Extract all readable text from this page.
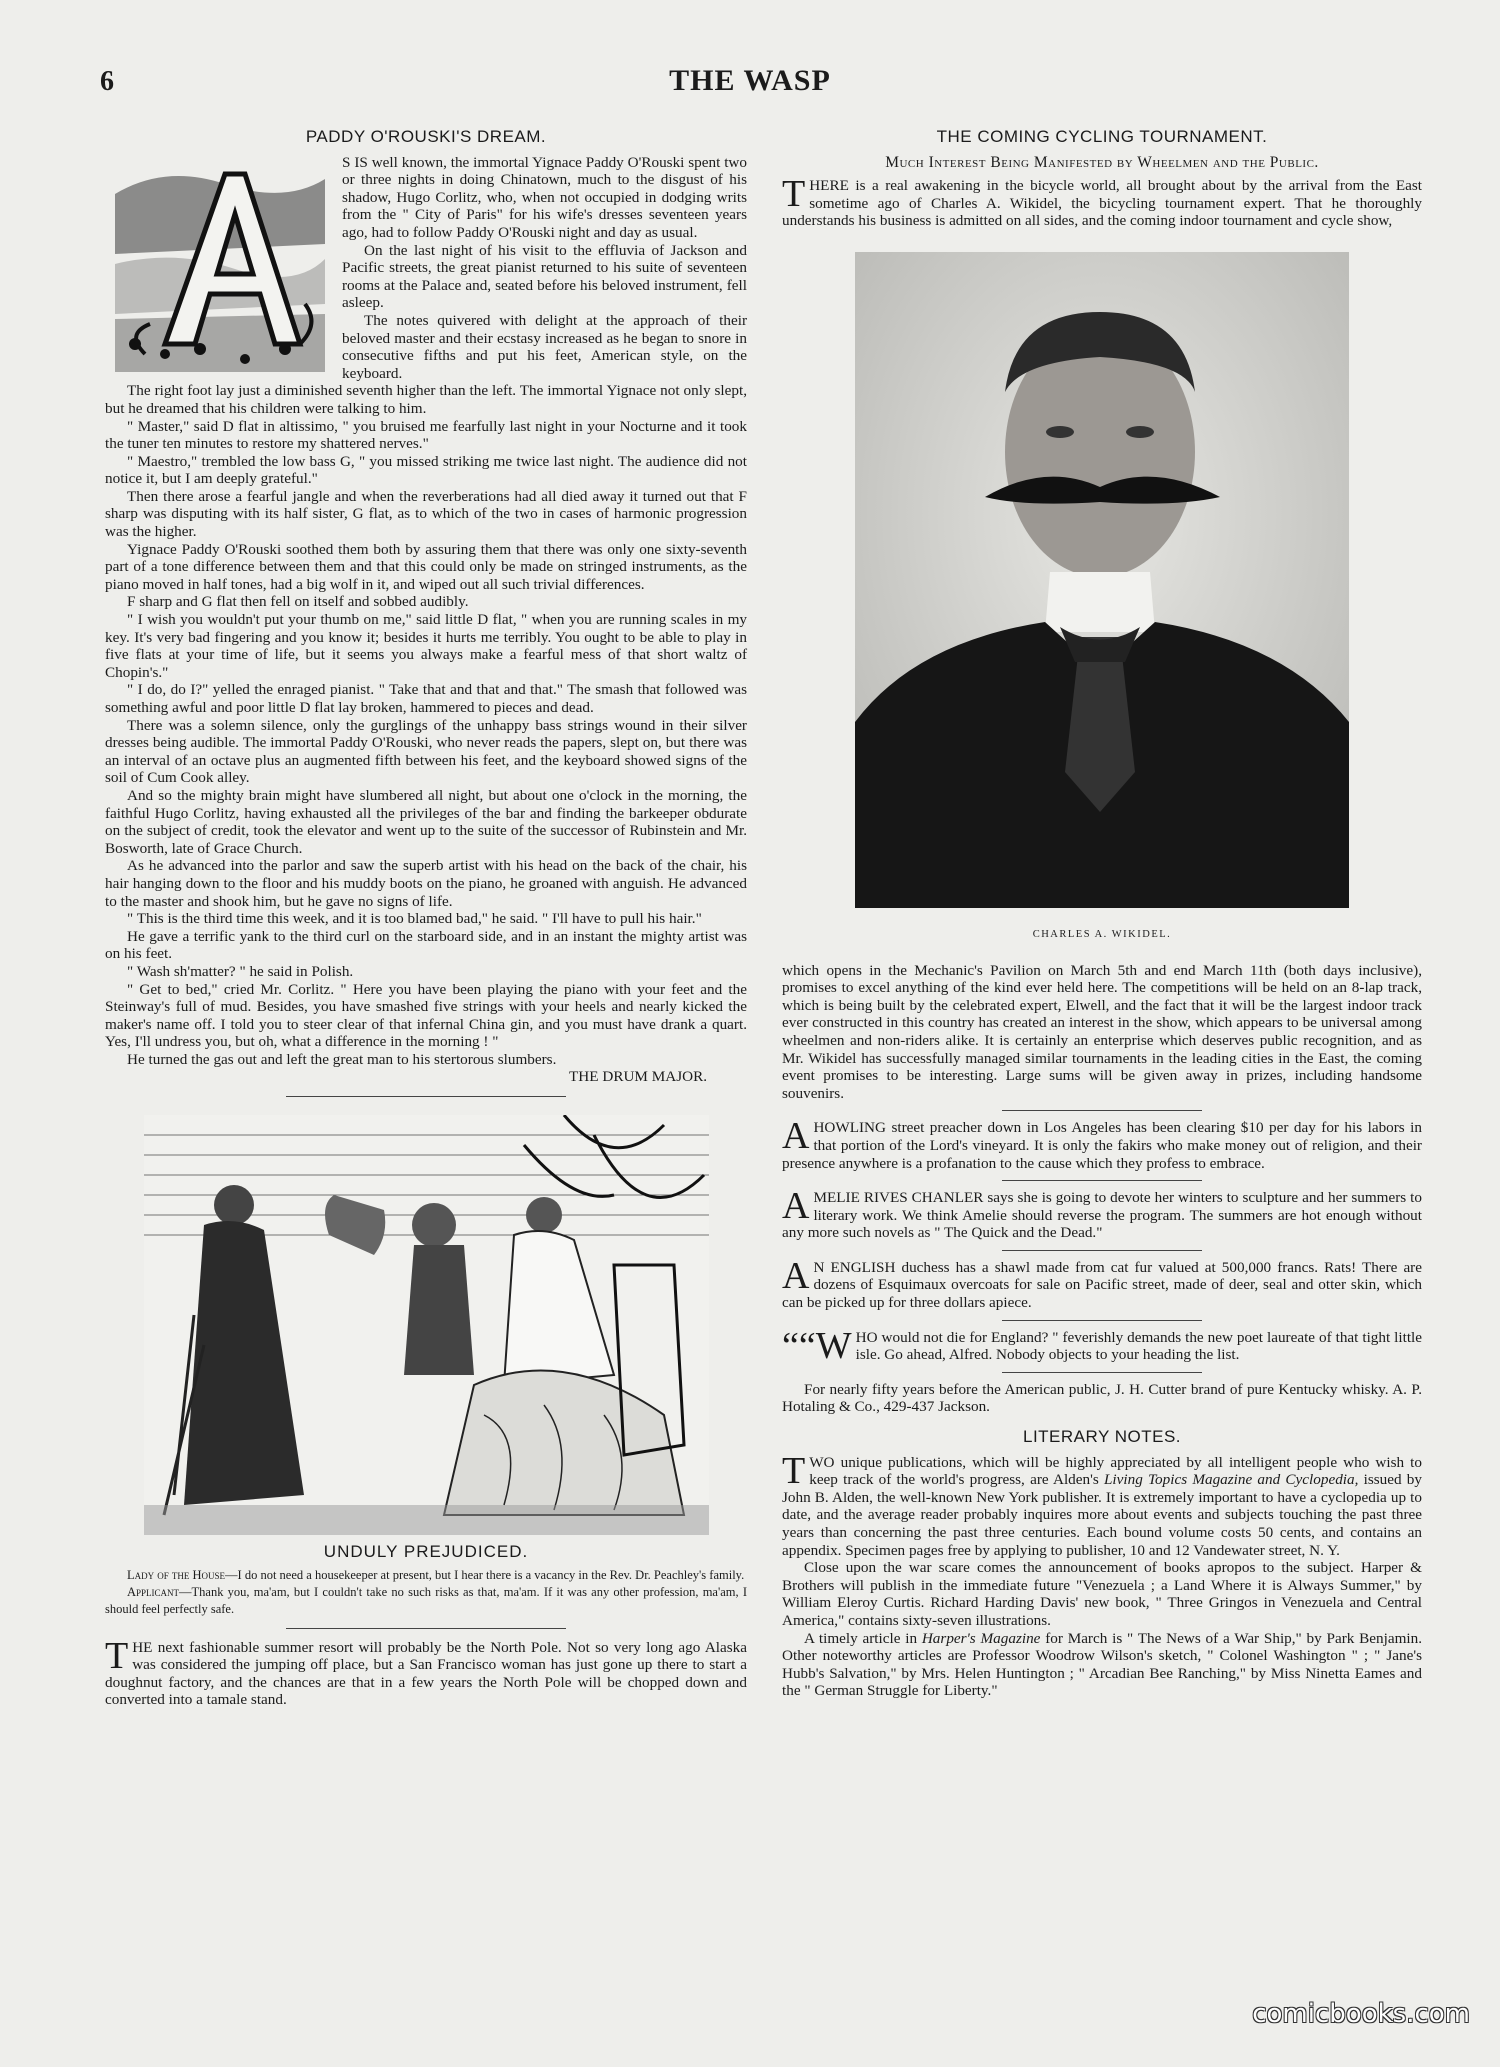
6	THE WASP
PADDY O'ROUSKI'S DREAM.

S IS well known, the immortal Yignace Paddy O'Rouski spent two or three nights in doing Chinatown, much to the disgust of his shadow, Hugo Corlitz, who, when not occupied in dodging writs from the " City of Paris" for his wife's dresses seventeen years ago, had to follow Paddy O'Rouski night and day as usual.

On the last night of his visit to the effluvia of Jackson and Pacific streets, the great pianist returned to his suite of seventeen rooms at the Palace and, seated before his beloved instrument, fell asleep.

The notes quivered with delight at the approach of their beloved master and their ecstasy increased as he began to snore in consecutive fifths and put his feet, American style, on the keyboard.

The right foot lay just a diminished seventh higher than the left. The immortal Yignace not only slept, but he dreamed that his children were talking to him.

" Master," said D flat in altissimo, " you bruised me fearfully last night in your Nocturne and it took the tuner ten minutes to restore my shattered nerves."

" Maestro," trembled the low bass G, " you missed striking me twice last night. The audience did not notice it, but I am deeply grateful."

Then there arose a fearful jangle and when the reverberations had all died away it turned out that F sharp was disputing with its half sister, G flat, as to which of the two in cases of harmonic progression was the higher.

Yignace Paddy O'Rouski soothed them both by assuring them that there was only one sixty-seventh part of a tone difference between them and that this could only be made on stringed instruments, as the piano moved in half tones, had a big wolf in it, and wiped out all such trivial differences.

F sharp and G flat then fell on itself and sobbed audibly.

" I wish you wouldn't put your thumb on me," said little D flat, " when you are running scales in my key. It's very bad fingering and you know it; besides it hurts me terribly. You ought to be able to play in five flats at your time of life, but it seems you always make a fearful mess of that short waltz of Chopin's."

" I do, do I?" yelled the enraged pianist. " Take that and that and that." The smash that followed was something awful and poor little D flat lay broken, hammered to pieces and dead.

There was a solemn silence, only the gurglings of the unhappy bass strings wound in their silver dresses being audible. The immortal Paddy O'Rouski, who never reads the papers, slept on, but there was an interval of an octave plus an augmented fifth between his feet, and the keyboard showed signs of the soil of Cum Cook alley.

And so the mighty brain might have slumbered all night, but about one o'clock in the morning, the faithful Hugo Corlitz, having exhausted all the privileges of the bar and finding the barkeeper obdurate on the subject of credit, took the elevator and went up to the suite of the successor of Rubinstein and Mr. Bosworth, late of Grace Church.

As he advanced into the parlor and saw the superb artist with his head on the back of the chair, his hair hanging down to the floor and his muddy boots on the piano, he groaned with anguish. He advanced to the master and shook him, but he gave no signs of life.

" This is the third time this week, and it is too blamed bad," he said. " I'll have to pull his hair."

He gave a terrific yank to the third curl on the starboard side, and in an instant the mighty artist was on his feet.

" Wash sh'matter? " he said in Polish.

" Get to bed," cried Mr. Corlitz. " Here you have been playing the piano with your feet and the Steinway's full of mud. Besides, you have smashed five strings with your heels and nearly kicked the maker's name off. I told you to steer clear of that infernal China gin, and you must have drank a quart. Yes, I'll undress you, but oh, what a difference in the morning ! "

He turned the gas out and left the great man to his stertorous slumbers.

THE DRUM MAJOR.

UNDULY PREJUDICED.

Lady of the House—I do not need a housekeeper at present, but I hear there is a vacancy in the Rev. Dr. Peachley's family.

Applicant—Thank you, ma'am, but I couldn't take no such risks as that, ma'am. If it was any other profession, ma'am, I should feel perfectly safe.

THE next fashionable summer resort will probably be the North Pole. Not so very long ago Alaska was considered the jumping off place, but a San Francisco woman has just gone up there to start a doughnut factory, and the chances are that in a few years the North Pole will be chopped down and converted into a tamale stand.

THE COMING CYCLING TOURNAMENT.
Much Interest Being Manifested by Wheelmen and the Public.

THERE is a real awakening in the bicycle world, all brought about by the arrival from the East sometime ago of Charles A. Wikidel, the bicycling tournament expert. That he thoroughly understands his business is admitted on all sides, and the coming indoor tournament and cycle show,

CHARLES A. WIKIDEL.

which opens in the Mechanic's Pavilion on March 5th and end March 11th (both days inclusive), promises to excel anything of the kind ever held here. The competitions will be held on an 8-lap track, which is being built by the celebrated expert, Elwell, and the fact that it will be the largest indoor track ever constructed in this country has created an interest in the show, which appears to be universal among wheelmen and non-riders alike. It is certainly an enterprise which deserves public recognition, and as Mr. Wikidel has successfully managed similar tournaments in the leading cities in the East, the coming event promises to be interesting. Large sums will be given away in prizes, including handsome souvenirs.

A HOWLING street preacher down in Los Angeles has been clearing $10 per day for his labors in that portion of the Lord's vineyard. It is only the fakirs who make money out of religion, and their presence anywhere is a profanation to the cause which they profess to embrace.

AMELIE RIVES CHANLER says she is going to devote her winters to sculpture and her summers to literary work. We think Amelie should reverse the program. The summers are hot enough without any more such novels as " The Quick and the Dead."

A N ENGLISH duchess has a shawl made from cat fur valued at 500,000 francs. Rats! There are dozens of Esquimaux overcoats for sale on Pacific street, made of deer, seal and otter skin, which can be picked up for three dollars apiece.

““W HO would not die for England? " feverishly demands the new poet laureate of that tight little isle. Go ahead, Alfred. Nobody objects to your heading the list.

For nearly fifty years before the American public, J. H. Cutter brand of pure Kentucky whisky. A. P. Hotaling & Co., 429-437 Jackson.

LITERARY NOTES.

TWO unique publications, which will be highly appreciated by all intelligent people who wish to keep track of the world's progress, are Alden's Living Topics Magazine and Cyclopedia, issued by John B. Alden, the well-known New York publisher. It is extremely important to have a cyclopedia up to date, and the average reader probably inquires more about events and subjects touching the past three years than concerning the past three centuries. Each bound volume costs 50 cents, and contains an appendix. Specimen pages free by applying to publisher, 10 and 12 Vandewater street, N. Y.

Close upon the war scare comes the announcement of books apropos to the subject. Harper & Brothers will publish in the immediate future "Venezuela ; a Land Where it is Always Summer," by William Eleroy Curtis. Richard Harding Davis' new book, " Three Gringos in Venezuela and Central America," contains sixty-seven illustrations.

A timely article in Harper's Magazine for March is " The News of a War Ship," by Park Benjamin. Other noteworthy articles are Professor Woodrow Wilson's sketch, " Colonel Washington " ; " Jane's Hubb's Salvation," by Mrs. Helen Huntington ; " Arcadian Bee Ranching," by Miss Ninetta Eames and the " German Struggle for Liberty."

comicbooks.com
